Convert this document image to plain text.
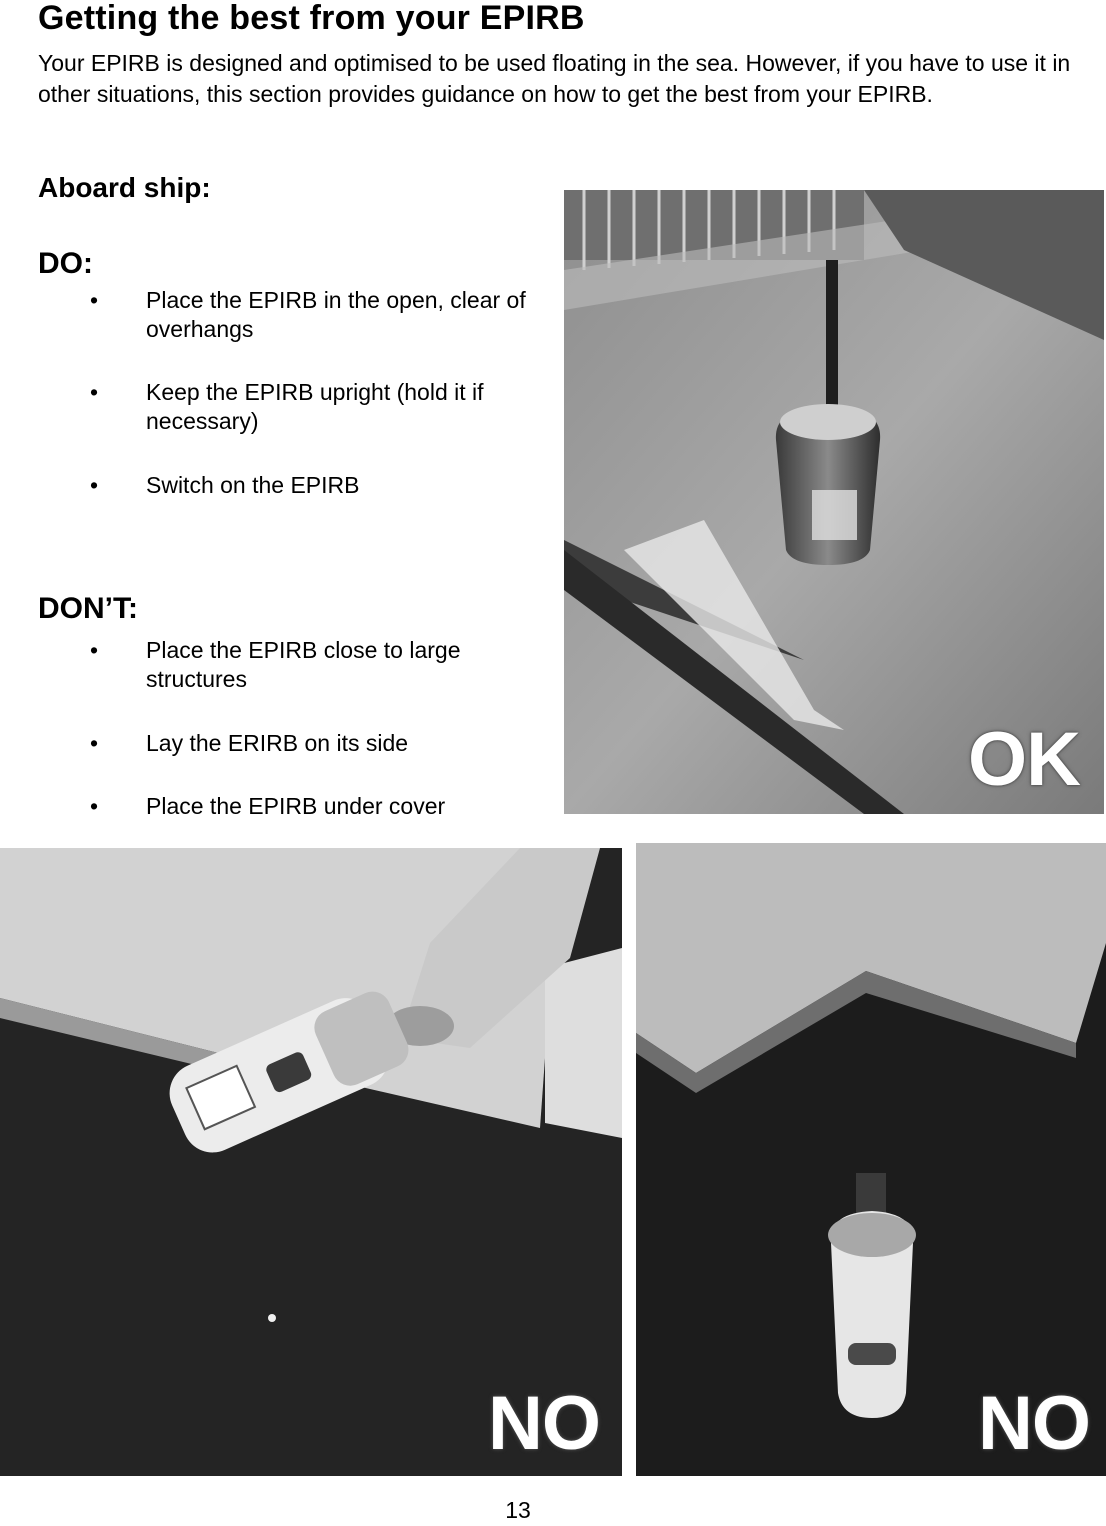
Getting the best from your EPIRB

Your EPIRB is designed and optimised to be used floating in the sea. However, if you have to use it in other situations, this section provides guidance on how to get the best from your EPIRB.

Aboard ship:
DO:
• Place the EPIRB in the open, clear of overhangs
• Keep the EPIRB upright (hold it if necessary)
• Switch on the EPIRB
DON’T:
• Place the EPIRB close to large structures
• Lay the ERIRB on its side
• Place the EPIRB under cover
OK
NO	NO
13
